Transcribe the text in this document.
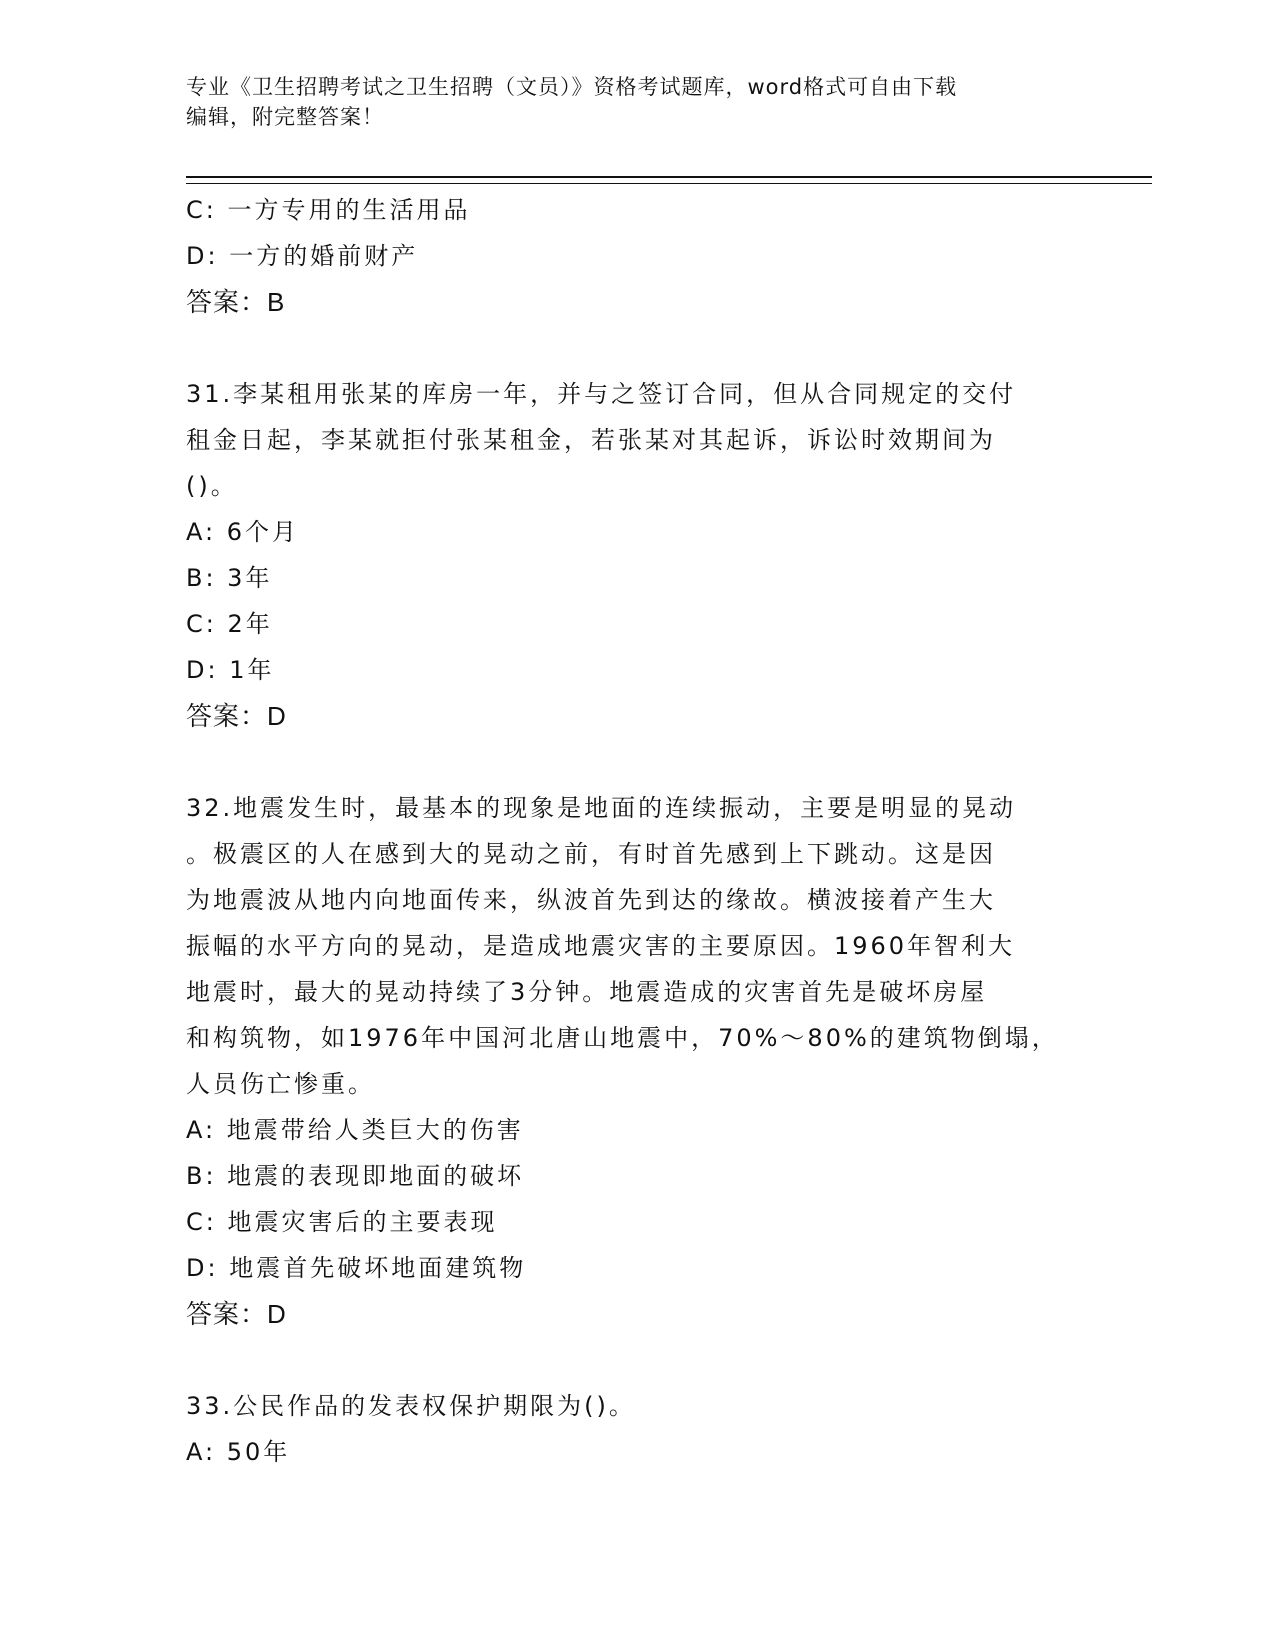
专业《卫生招聘考试之卫生招聘（文员）》资格考试题库，word格式可自由下载
编辑，附完整答案！
C: 一方专用的生活用品
D: 一方的婚前财产
答案：B
31.李某租用张某的库房一年，并与之签订合同，但从合同规定的交付
租金日起，李某就拒付张某租金，若张某对其起诉，诉讼时效期间为
()。
A: 6个月
B: 3年
C: 2年
D: 1年
答案：D
32.地震发生时，最基本的现象是地面的连续振动，主要是明显的晃动
。极震区的人在感到大的晃动之前，有时首先感到上下跳动。这是因
为地震波从地内向地面传来，纵波首先到达的缘故。横波接着产生大
振幅的水平方向的晃动，是造成地震灾害的主要原因。1960年智利大
地震时，最大的晃动持续了3分钟。地震造成的灾害首先是破坏房屋
和构筑物，如1976年中国河北唐山地震中，70%～80%的建筑物倒塌，
人员伤亡惨重。
A: 地震带给人类巨大的伤害
B: 地震的表现即地面的破坏
C: 地震灾害后的主要表现
D: 地震首先破坏地面建筑物
答案：D
33.公民作品的发表权保护期限为()。
A: 50年
